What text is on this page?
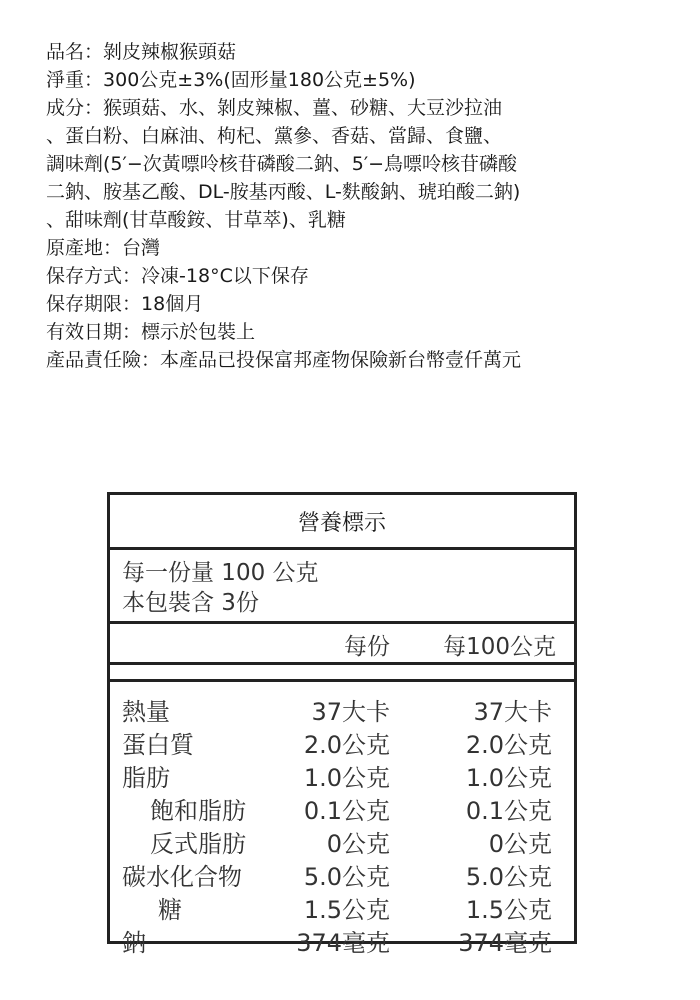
品名：剝皮辣椒猴頭菇
淨重：300公克±3%(固形量180公克±5%)
成分：猴頭菇、水、剝皮辣椒、薑、砂糖、大豆沙拉油
、蛋白粉、白麻油、枸杞、黨參、香菇、當歸、食鹽、
調味劑(5′−次黃嘌呤核苷磷酸二鈉、5′−鳥嘌呤核苷磷酸
二鈉、胺基乙酸、DL-胺基丙酸、L-麩酸鈉、琥珀酸二鈉)
、甜味劑(甘草酸銨、甘草萃)、乳糖
原產地：台灣
保存方式：冷凍-18°C以下保存
保存期限：18個月
有效日期：標示於包裝上
產品責任險：本產品已投保富邦產物保險新台幣壹仟萬元
營養標示
每一份量 100 公克
本包裝含 3份
每份 每100公克
熱量	37大卡	37大卡
蛋白質	2.0公克	2.0公克
脂肪	1.0公克	1.0公克
飽和脂肪 0.1公克	0.1公克
反式脂肪	0公克	0公克
碳水化合物	5.0公克	5.0公克
糖	1.5公克	1.5公克
鈉	374毫克	374毫克
